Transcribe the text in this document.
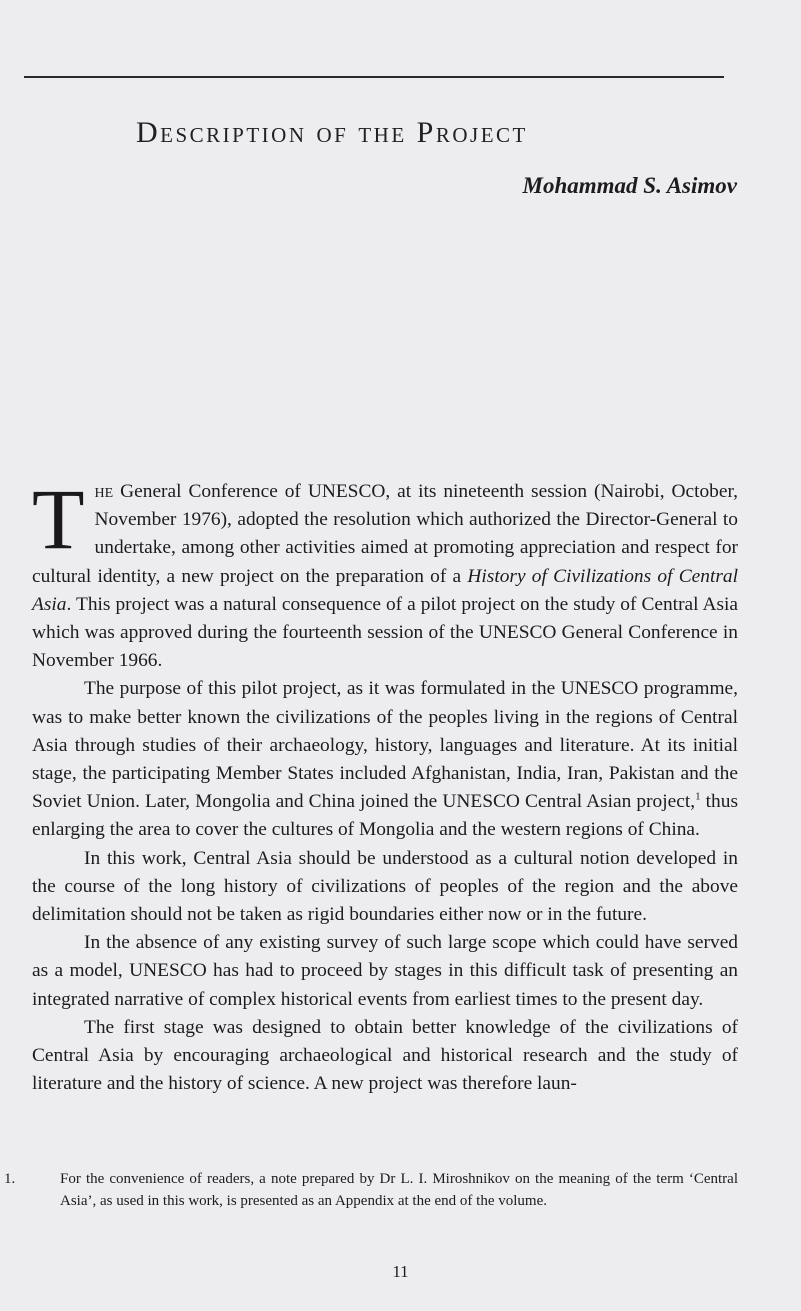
Description of the Project
Mohammad S. Asimov

The General Conference of UNESCO, at its nineteenth session (Nairobi, October, November 1976), adopted the resolution which authorized the Director-General to undertake, among other activities aimed at promoting appreciation and respect for cultural identity, a new project on the preparation of a History of Civilizations of Central Asia. This project was a natural consequence of a pilot project on the study of Central Asia which was approved during the fourteenth session of the UNESCO General Conference in November 1966.

The purpose of this pilot project, as it was formulated in the UNESCO programme, was to make better known the civilizations of the peoples living in the regions of Central Asia through studies of their archaeology, history, languages and literature. At its initial stage, the participating Member States included Afghanistan, India, Iran, Pakistan and the Soviet Union. Later, Mongolia and China joined the UNESCO Central Asian project,$^1$ thus enlarging the area to cover the cultures of Mongolia and the western regions of China.

In this work, Central Asia should be understood as a cultural notion developed in the course of the long history of civilizations of peoples of the region and the above delimitation should not be taken as rigid boundaries either now or in the future.

In the absence of any existing survey of such large scope which could have served as a model, UNESCO has had to proceed by stages in this difficult task of presenting an integrated narrative of complex historical events from earliest times to the present day.

The first stage was designed to obtain better knowledge of the civilizations of Central Asia by encouraging archaeological and historical research and the study of literature and the history of science. A new project was therefore laun-

1.	For the convenience of readers, a note prepared by Dr L. I. Miroshnikov on the meaning of the term ‘Central Asia’, as used in this work, is presented as an Appendix at the end of the volume.
11
